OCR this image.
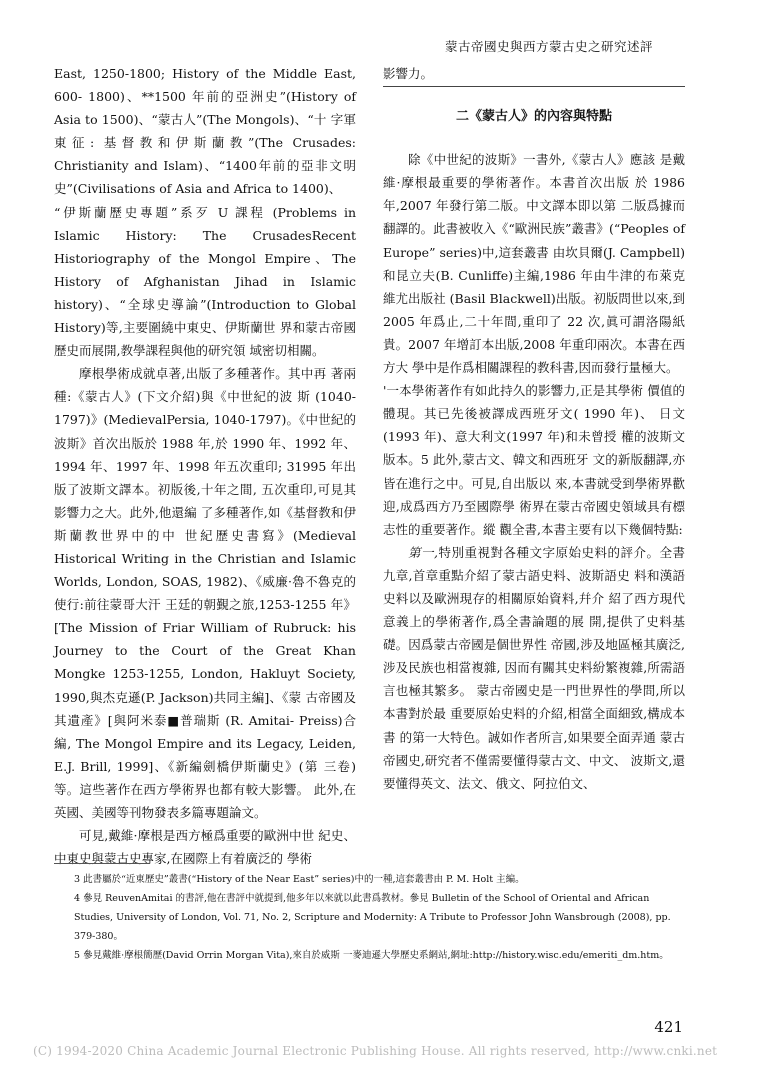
蒙古帝國史與西方蒙古史之研究述評

East, 1250-1800; History of the Middle East, 600- 1800)、**1500 年前的亞洲史”(History of Asia to 1500)、“蒙古人”(The Mongols)、“十 字軍東征: 基督教和伊斯蘭教”(The Crusades: Christianity and Islam)、“1400年前的亞非文明 史”(Civilisations of Asia and Africa to 1400)、

“伊斯蘭歷史專題”系歹 U 課程 (Problems in Islamic History: The CrusadesRecent Historiography of the Mongol Empire、The History of Afghanistan Jihad in Islamic history)、“全球史導論”(Introduction to Global History)等,主要圍繞中東史、伊斯蘭世 界和蒙古帝國歷史而展開,教學課程與他的研究領 域密切相關。

摩根學術成就卓著,出版了多種著作。其中再 著兩種:《蒙古人》(下文介紹)與《中世紀的波 斯 (1040-1797)》(MedievalPersia, 1040-1797)。《中世紀的波斯》首次出版於 1988 年,於 1990 年、1992 年、1994 年、1997 年、1998 年五次重印; 31995 年出版了波斯文譯本。初版後,十年之間, 五次重印,可見其影響力之大。此外,他還編 了多種著作,如《基督教和伊斯蘭教世界中的中 世紀歷史書寫》(Medieval Historical Writing in the Christian and Islamic Worlds, London, SOAS, 1982)、《威廉·魯不魯克的使行:前往蒙哥大汗 王廷的朝覲之旅,1253-1255 年》[The Mission of Friar William of Rubruck: his Journey to the Court of the Great Khan Mongke 1253-1255, London, Hakluyt Society, 1990,與杰克遜(P. Jackson)共同主編]、《蒙 古帝國及其遺產》[與阿米泰■普瑞斯 (R. Amitai- Preiss)合編, The Mongol Empire and its Legacy, Leiden, E.J. Brill, 1999]、《新編劍橋伊斯蘭史》(第 三卷)等。這些著作在西方學術界也都有較大影響。 此外,在英國、美國等刊物發表多篇專題論文。

可見,戴維·摩根是西方極爲重要的歐洲中世 紀史、中東史與蒙古史專家,在國際上有着廣泛的 學術

影響力。

二《蒙古人》的內容與特點

除《中世紀的波斯》一書外,《蒙古人》應該 是戴維·摩根最重要的學術著作。本書首次出版 於 1986 年,2007 年發行第二版。中文譯本即以第 二版爲據而翻譯的。此書被收入《“歐洲民族”叢書》(“Peoples of Europe” series)中,這套叢書 由坎貝爾(J. Campbell)和昆立夫(B. Cunliffe)主編,1986 年由牛津的布萊克維尤出版社 (Basil Blackwell)出版。初版問世以來,到 2005 年爲止,二十年間,重印了 22 次,眞可謂洛陽紙貴。2007 年增訂本出版,2008 年重印兩次。本書在西方大 學中是作爲相關課程的教科書,因而發行量極大。

'一本學術著作有如此持久的影響力,正是其學術 價值的體現。其已先後被譯成西班牙文( 1990 年)、 日文(1993 年)、意大利文(1997 年)和未曾授 權的波斯文版本。5 此外,蒙古文、韓文和西班牙 文的新版翻譯,亦皆在進行之中。可見,自出版以 來,本書就受到學術界歡迎,成爲西方乃至國際學 術界在蒙古帝國史領域具有標志性的重要著作。縱 觀全書,本書主要有以下幾個特點:

第一,特別重視對各種文字原始史料的評介。全書九章,首章重點介紹了蒙古語史料、波斯語史 料和漢語史料以及歐洲現存的相關原始資料,幷介 紹了西方現代意義上的學術著作,爲全書論題的展 開,提供了史料基礎。因爲蒙古帝國是個世界性 帝國,涉及地區極其廣泛,涉及民族也相當複雜, 因而有關其史料紛繁複雜,所需語言也極其繁多。 蒙古帝國史是一門世界性的學問,所以本書對於最 重要原始史料的介紹,相當全面細致,構成本書 的第一大特色。誠如作者所言,如果要全面弄通 蒙古帝國史,研究者不僅需要懂得蒙古文、中文、 波斯文,還要懂得英文、法文、俄文、阿拉伯文、

3 此書屬於“近東歷史”叢書(“History of the Near East” series)中的一種,這套叢書由 P. M. Holt 主編。

4 參見 ReuvenAmitai 的書評,他在書評中就提到,他多年以來就以此書爲教材。參見 Bulletin of the School of Oriental and African Studies, University of London, Vol. 71, No. 2, Scripture and Modernity: A Tribute to Professor John Wansbrough (2008), pp. 379-380。

5 參見戴維·摩根簡歷(David Orrin Morgan Vita),來自於威斯 一麥迪遜大學歷史系網站,網址:http://history.wisc.edu/emeriti_dm.htm。

421
(C) 1994-2020 China Academic Journal Electronic Publishing House. All rights reserved, http://www.cnki.net
